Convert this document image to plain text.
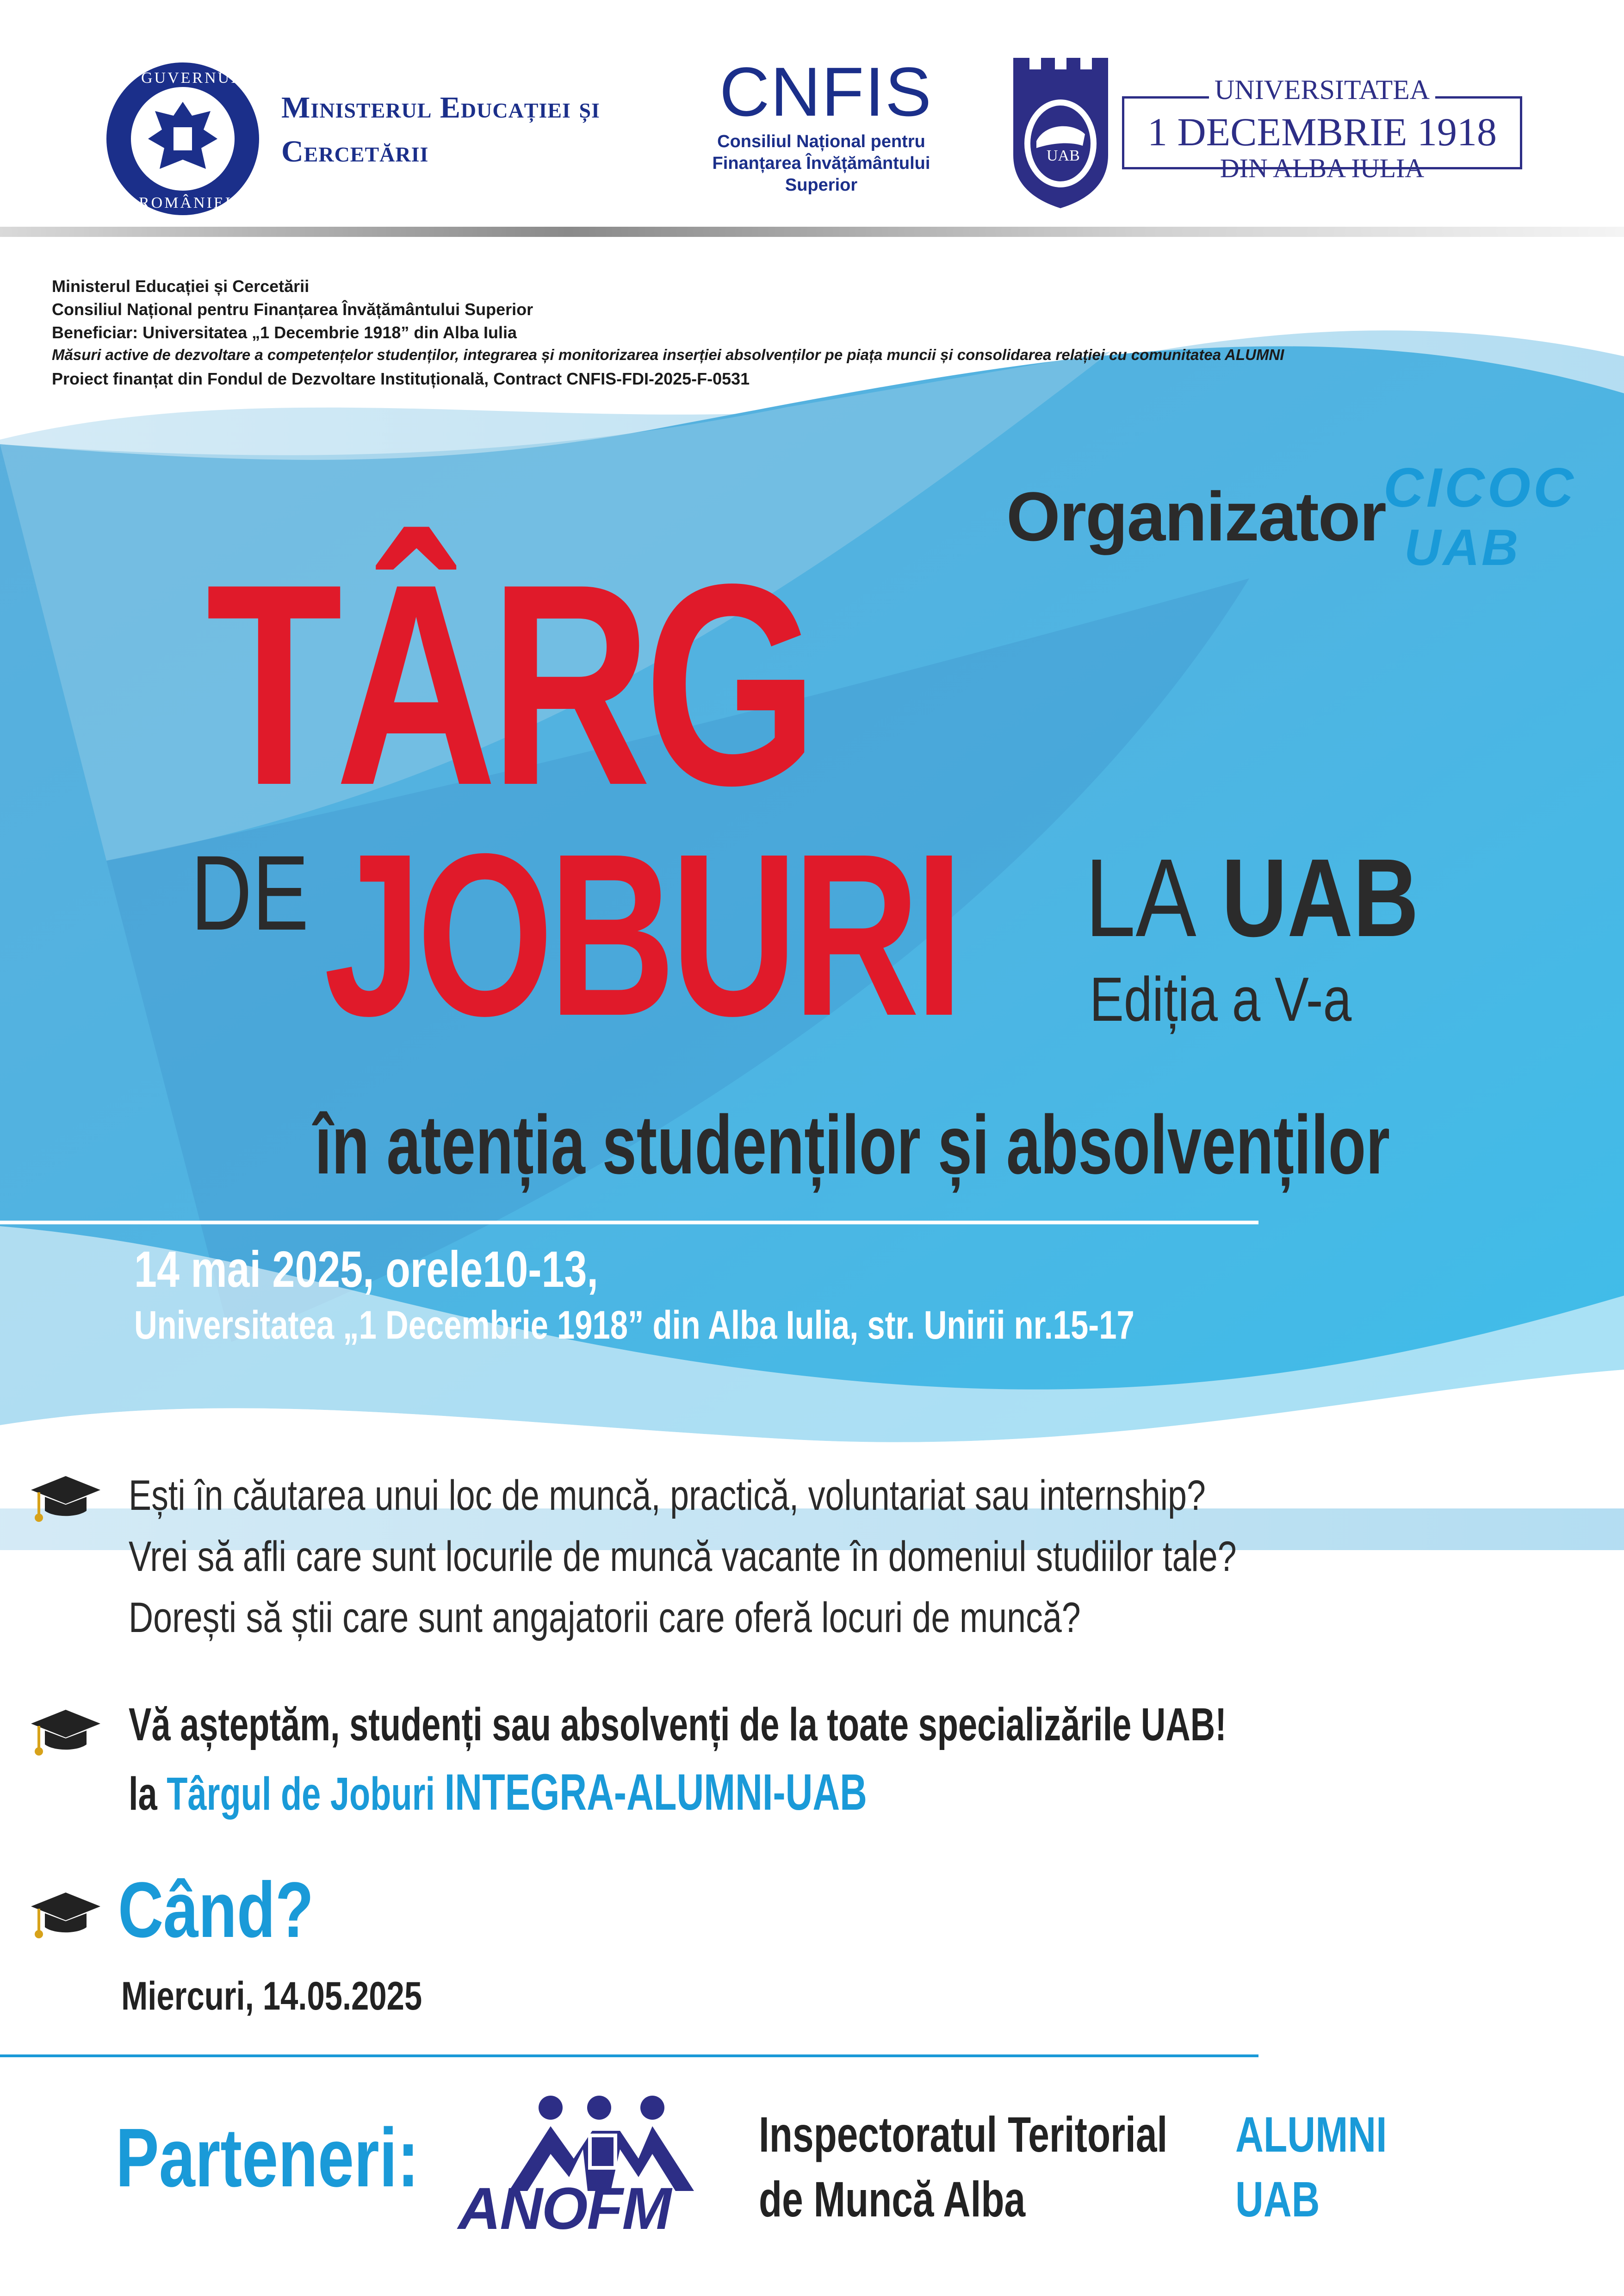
GUVERNUL
ROMÂNIEI
Ministerul Educației și
Cercetării
CNFIS
Consiliul Național pentru
Finanțarea Învățământului
Superior
UAB
UNIVERSITATEA
1 DECEMBRIE 1918
DIN ALBA IULIA
Ministerul Educației și Cercetării
Consiliul Național pentru Finanțarea Învățământului Superior
Beneficiar: Universitatea „1 Decembrie 1918” din Alba Iulia
Măsuri active de dezvoltare a competențelor studenților, integrarea și monitorizarea inserției absolvenților pe piața muncii și consolidarea relației cu comunitatea ALUMNI
Proiect finanțat din Fondul de Dezvoltare Instituțională, Contract CNFIS-FDI-2025-F-0531
Organizator
CICOC
UAB
TÂRG
DE JOBURI LA UAB
Ediția a V-a
în atenția studenților și absolvenților
14 mai 2025, orele10-13,
Universitatea „1 Decembrie 1918” din Alba Iulia, str. Unirii nr.15-17
Ești în căutarea unui loc de muncă, practică, voluntariat sau internship?
Vrei să afli care sunt locurile de muncă vacante în domeniul studiilor tale?
Dorești să știi care sunt angajatorii care oferă locuri de muncă?
Vă așteptăm, studenți sau absolvenți de la toate specializările UAB!
la Târgul de Joburi INTEGRA-ALUMNI-UAB
Când?
Miercuri, 14.05.2025
Parteneri:
ANOFM
Inspectoratul Teritorial
de Muncă Alba
ALUMNI
UAB
